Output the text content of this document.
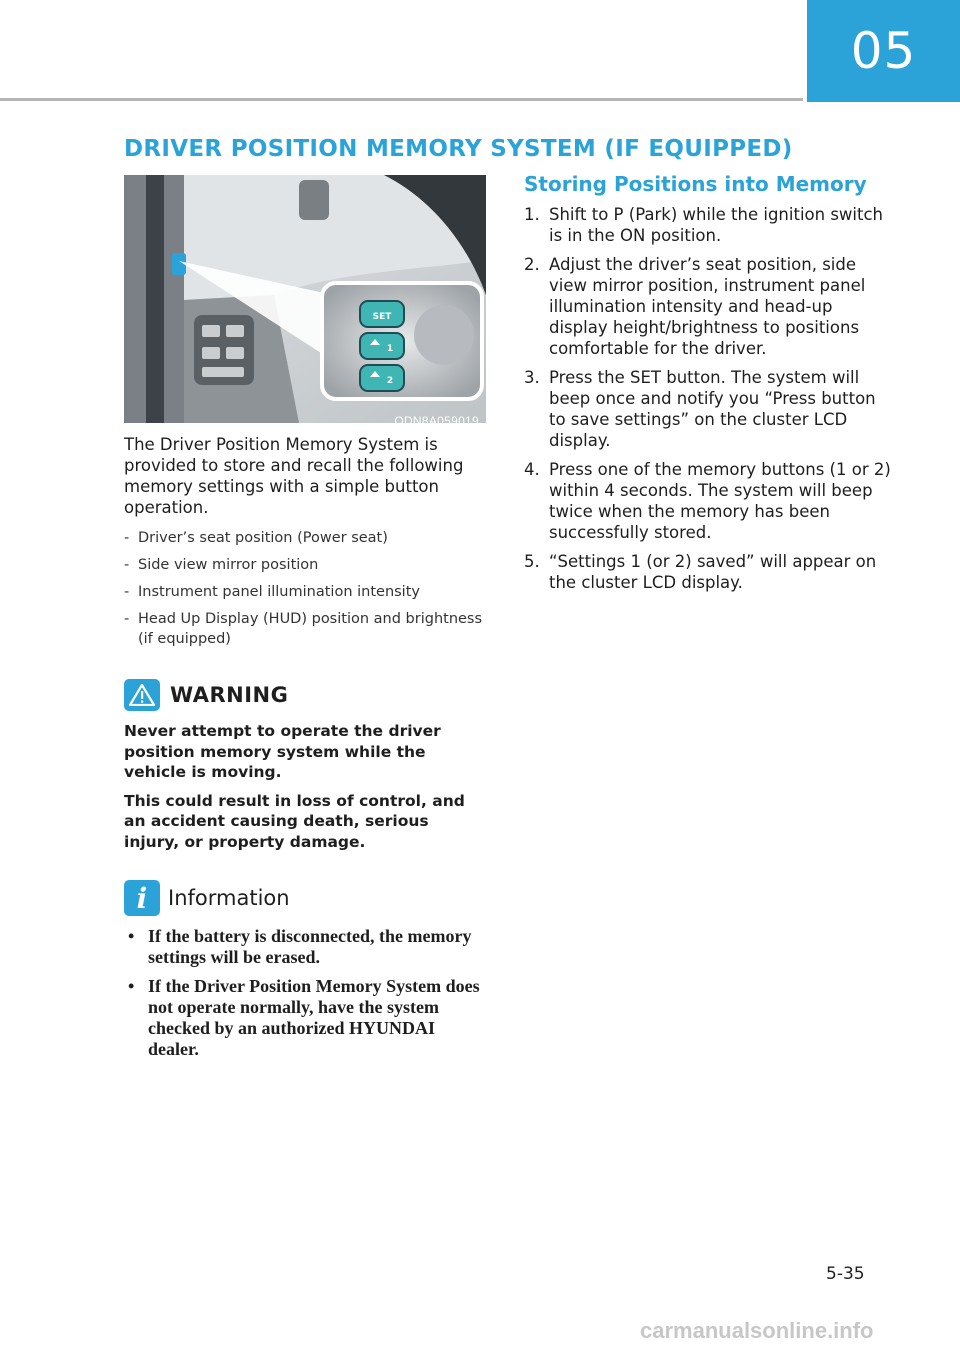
05
DRIVER POSITION MEMORY SYSTEM (IF EQUIPPED)
SET
1
2
ODN8A059019

The Driver Position Memory System is provided to store and recall the following memory settings with a simple button operation.

- Driver’s seat position (Power seat)
- Side view mirror position
- Instrument panel illumination intensity
- Head Up Display (HUD) position and brightness (if equipped)
WARNING

Never attempt to operate the driver position memory system while the vehicle is moving.

This could result in loss of control, and an accident causing death, serious injury, or property damage.

i Information
• If the battery is disconnected, the memory settings will be erased.
• If the Driver Position Memory System does not operate normally, have the system checked by an authorized HYUNDAI dealer.
Storing Positions into Memory
1. Shift to P (Park) while the ignition switch is in the ON position.
2. Adjust the driver’s seat position, side view mirror position, instrument panel illumination intensity and head-up display height/brightness to positions comfortable for the driver.
3. Press the SET button. The system will beep once and notify you “Press button to save settings” on the cluster LCD display.
4. Press one of the memory buttons (1 or 2) within 4 seconds. The system will beep twice when the memory has been successfully stored.
5. “Settings 1 (or 2) saved” will appear on the cluster LCD display.
5-35
carmanualsonline.info
